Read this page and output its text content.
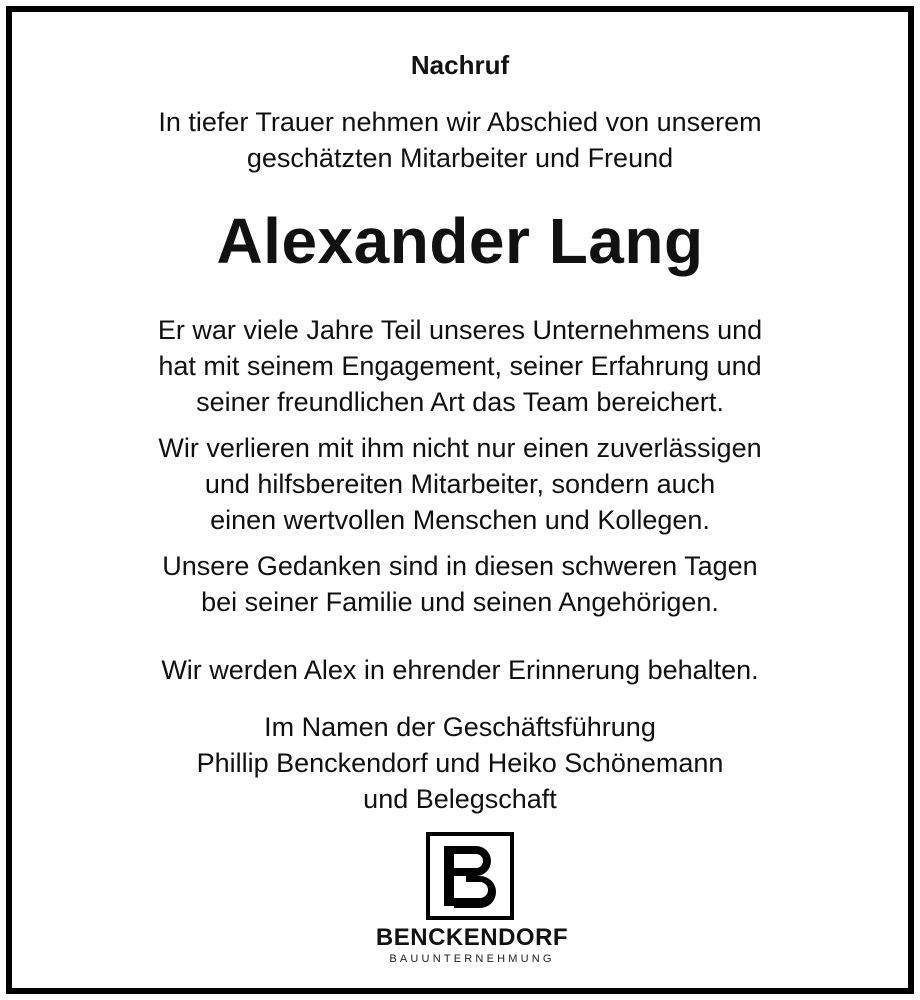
Nachruf
In tiefer Trauer nehmen wir Abschied von unserem
geschätzten Mitarbeiter und Freund
Alexander Lang
Er war viele Jahre Teil unseres Unternehmens und
hat mit seinem Engagement, seiner Erfahrung und
seiner freundlichen Art das Team bereichert.
Wir verlieren mit ihm nicht nur einen zuverlässigen
und hilfsbereiten Mitarbeiter, sondern auch
einen wertvollen Menschen und Kollegen.
Unsere Gedanken sind in diesen schweren Tagen
bei seiner Familie und seinen Angehörigen.
Wir werden Alex in ehrender Erinnerung behalten.
Im Namen der Geschäftsführung
Phillip Benckendorf und Heiko Schönemann
und Belegschaft
BENCKENDORF
BAUUNTERNEHMUNG
